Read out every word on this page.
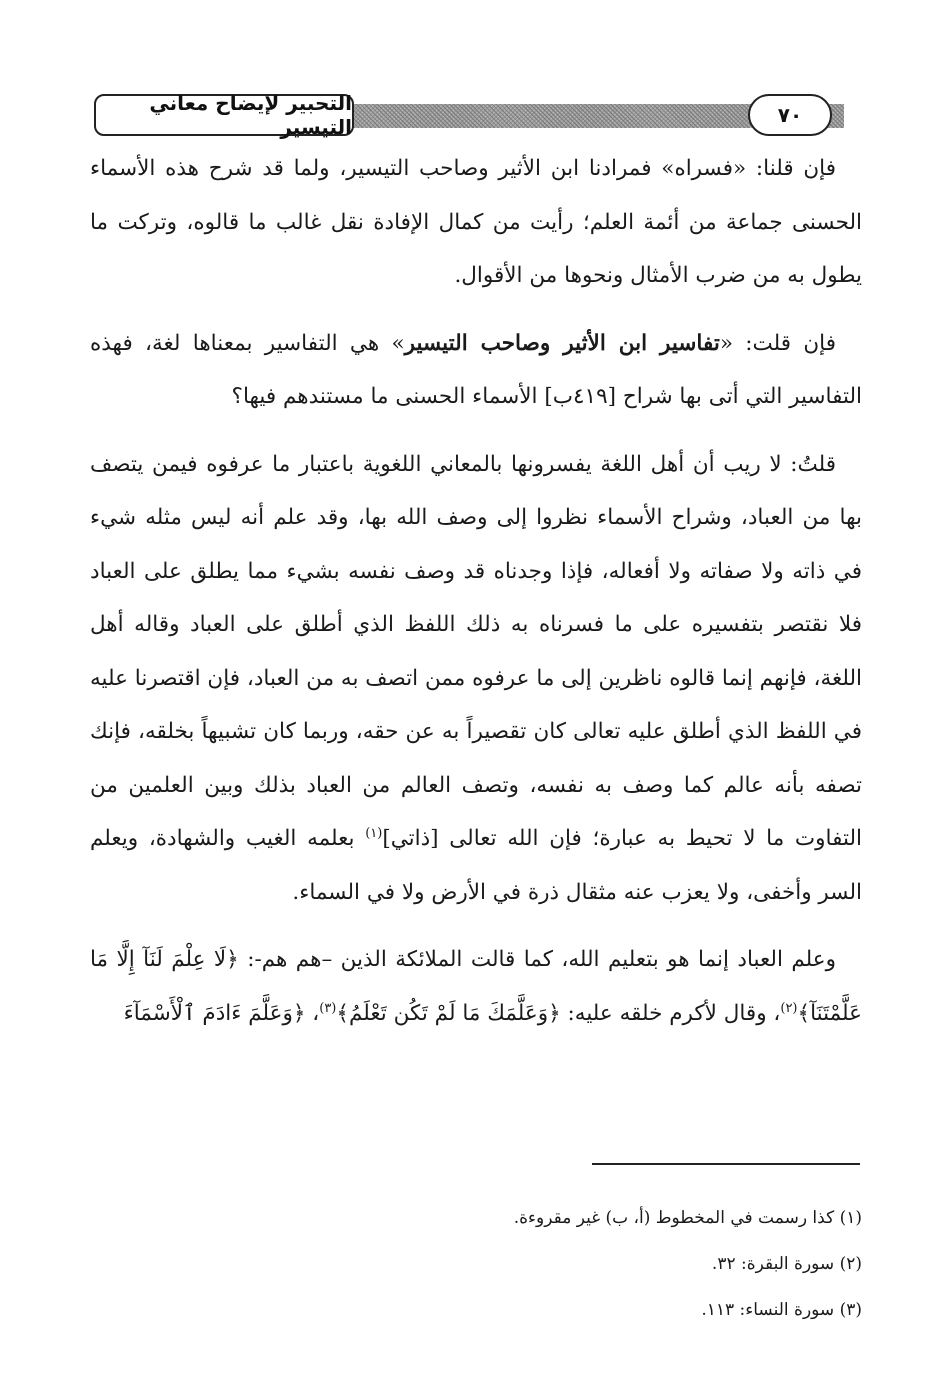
التحبير لإيضاح معاني التيسير	٧٠

فإن قلنا: «فسراه» فمرادنا ابن الأثير وصاحب التيسير، ولما قد شرح هذه الأسماء الحسنى جماعة من أئمة العلم؛ رأيت من كمال الإفادة نقل غالب ما قالوه، وتركت ما يطول به من ضرب الأمثال ونحوها من الأقوال.

فإن قلت: «تفاسير ابن الأثير وصاحب التيسير» هي التفاسير بمعناها لغة، فهذه التفاسير التي أتى بها شراح [٤١٩ب] الأسماء الحسنى ما مستندهم فيها؟

قلتُ: لا ريب أن أهل اللغة يفسرونها بالمعاني اللغوية باعتبار ما عرفوه فيمن يتصف بها من العباد، وشراح الأسماء نظروا إلى وصف الله بها، وقد علم أنه ليس مثله شيء في ذاته ولا صفاته ولا أفعاله، فإذا وجدناه قد وصف نفسه بشيء مما يطلق على العباد فلا نقتصر بتفسيره على ما فسرناه به ذلك اللفظ الذي أطلق على العباد وقاله أهل اللغة، فإنهم إنما قالوه ناظرين إلى ما عرفوه ممن اتصف به من العباد، فإن اقتصرنا عليه في اللفظ الذي أطلق عليه تعالى كان تقصيراً به عن حقه، وربما كان تشبيهاً بخلقه، فإنك تصفه بأنه عالم كما وصف به نفسه، وتصف العالم من العباد بذلك وبين العلمين من التفاوت ما لا تحيط به عبارة؛ فإن الله تعالى [ذاتي]$^{(١)}$ بعلمه الغيب والشهادة، ويعلم السر وأخفى، ولا يعزب عنه مثقال ذرة في الأرض ولا في السماء.

وعلم العباد إنما هو بتعليم الله، كما قالت الملائكة الذين –هم هم-: ﴿لَا عِلْمَ لَنَآ إِلَّا مَا عَلَّمْتَنَآ﴾$^{(٢)}$، وقال لأكرم خلقه عليه: ﴿وَعَلَّمَكَ مَا لَمْ تَكُن تَعْلَمُ﴾$^{(٣)}$، ﴿وَعَلَّمَ ءَادَمَ ٱلْأَسْمَآءَ

(١) كذا رسمت في المخطوط (أ، ب) غير مقروءة.

(٢) سورة البقرة: ٣٢.

(٣) سورة النساء: ١١٣.
